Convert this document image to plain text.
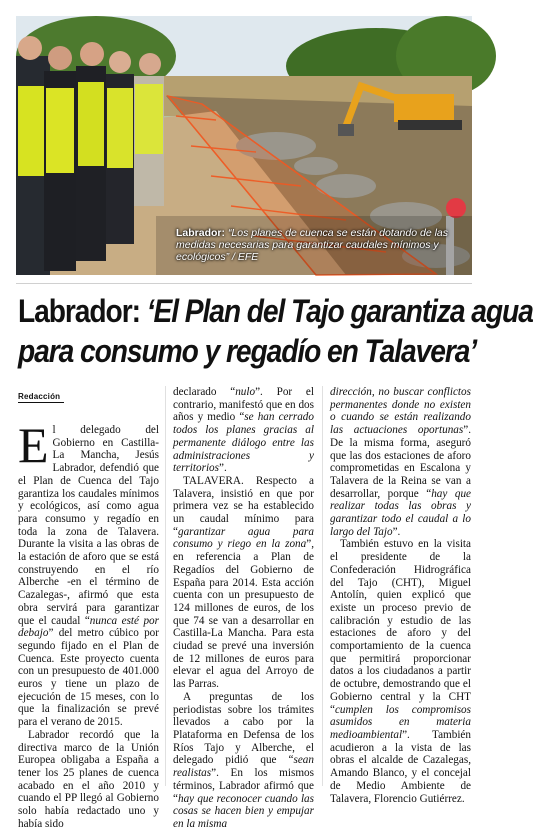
Labrador: “Los planes de cuenca se están dotando de las medidas necesarias para garantizar caudales mínimos y ecológicos” / EFE
Labrador: ‘El Plan del Tajo garantiza agua
para consumo y regadío en Talavera’
Redacción

El delegado del Gobierno en Castilla-La Mancha, Jesús Labrador, defendió que el Plan de Cuenca del Tajo garantiza los caudales mínimos y ecológicos, así como agua para consumo y regadío en toda la zona de Talavera. Durante la visita a las obras de la estación de aforo que se está construyendo en el río Alberche -en el término de Cazalegas-, afirmó que esta obra servirá para garantizar que el caudal “nunca esté por debajo” del metro cúbico por segundo fijado en el Plan de Cuenca. Este proyecto cuenta con un presupuesto de 401.000 euros y tiene un plazo de ejecución de 15 meses, con lo que la finalización se prevé para el verano de 2015.

Labrador recordó que la directiva marco de la Unión Europea obligaba a España a tener los 25 planes de cuenca acabado en el año 2010 y cuando el PP llegó al Gobierno solo había redactado uno y había sido

declarado “nulo”. Por el contrario, manifestó que en dos años y medio “se han cerrado todos los planes gracias al permanente diálogo entre las administraciones y territorios”.

TALAVERA. Respecto a Talavera, insistió en que por primera vez se ha establecido un caudal mínimo para “garantizar agua para consumo y riego en la zona”, en referencia a Plan de Regadíos del Gobierno de España para 2014. Esta acción cuenta con un presupuesto de 124 millones de euros, de los que 74 se van a desarrollar en Castilla-La Mancha. Para esta ciudad se prevé una inversión de 12 millones de euros para elevar el agua del Arroyo de las Parras.

A preguntas de los periodistas sobre los trámites llevados a cabo por la Plataforma en Defensa de los Ríos Tajo y Alberche, el delegado pidió que “sean realistas”. En los mismos términos, Labrador afirmó que “hay que reconocer cuando las cosas se hacen bien y empujar en la misma

dirección, no buscar conflictos permanentes donde no existen o cuando se están realizando las actuaciones oportunas”. De la misma forma, aseguró que las dos estaciones de aforo comprometidas en Escalona y Talavera de la Reina se van a desarrollar, porque “hay que realizar todas las obras y garantizar todo el caudal a lo largo del Tajo”.

También estuvo en la visita el presidente de la Confederación Hidrográfica del Tajo (CHT), Miguel Antolín, quien explicó que existe un proceso previo de calibración y estudio de las estaciones de aforo y del comportamiento de la cuenca que permitirá proporcionar datos a los ciudadanos a partir de octubre, demostrando que el Gobierno central y la CHT “cumplen los compromisos asumidos en materia medioambiental”. También acudieron a la vista de las obras el alcalde de Cazalegas, Amando Blanco, y el concejal de Medio Ambiente de Talavera, Florencio Gutiérrez.
